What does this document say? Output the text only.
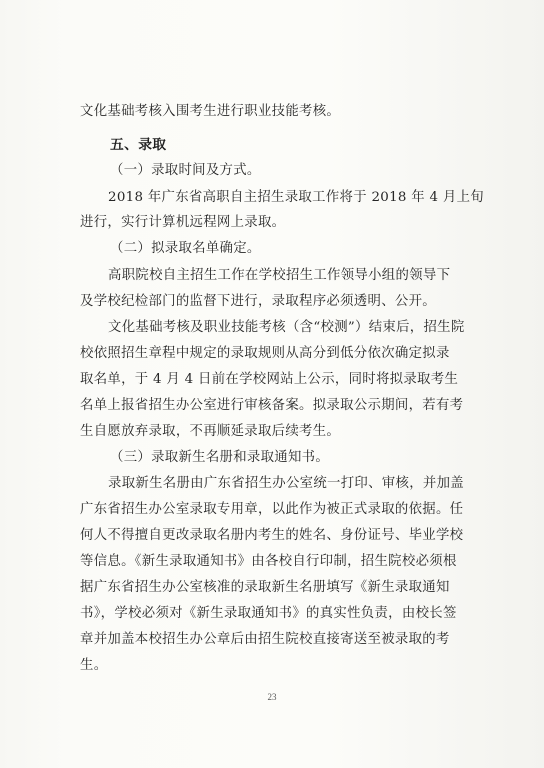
文化基础考核入围考生进行职业技能考核。
五、录取
（一）录取时间及方式。
2018 年广东省高职自主招生录取工作将于 2018 年 4 月上旬
进行，实行计算机远程网上录取。
（二）拟录取名单确定。
高职院校自主招生工作在学校招生工作领导小组的领导下
及学校纪检部门的监督下进行，录取程序必须透明、公开。
文化基础考核及职业技能考核（含“校测”）结束后，招生院
校依照招生章程中规定的录取规则从高分到低分依次确定拟录
取名单，于 4 月 4 日前在学校网站上公示，同时将拟录取考生
名单上报省招生办公室进行审核备案。拟录取公示期间，若有考
生自愿放弃录取，不再顺延录取后续考生。
（三）录取新生名册和录取通知书。
录取新生名册由广东省招生办公室统一打印、审核，并加盖
广东省招生办公室录取专用章，以此作为被正式录取的依据。任
何人不得擅自更改录取名册内考生的姓名、身份证号、毕业学校
等信息。《新生录取通知书》由各校自行印制，招生院校必须根
据广东省招生办公室核准的录取新生名册填写《新生录取通知
书》，学校必须对《新生录取通知书》的真实性负责，由校长签
章并加盖本校招生办公章后由招生院校直接寄送至被录取的考
生。
23
